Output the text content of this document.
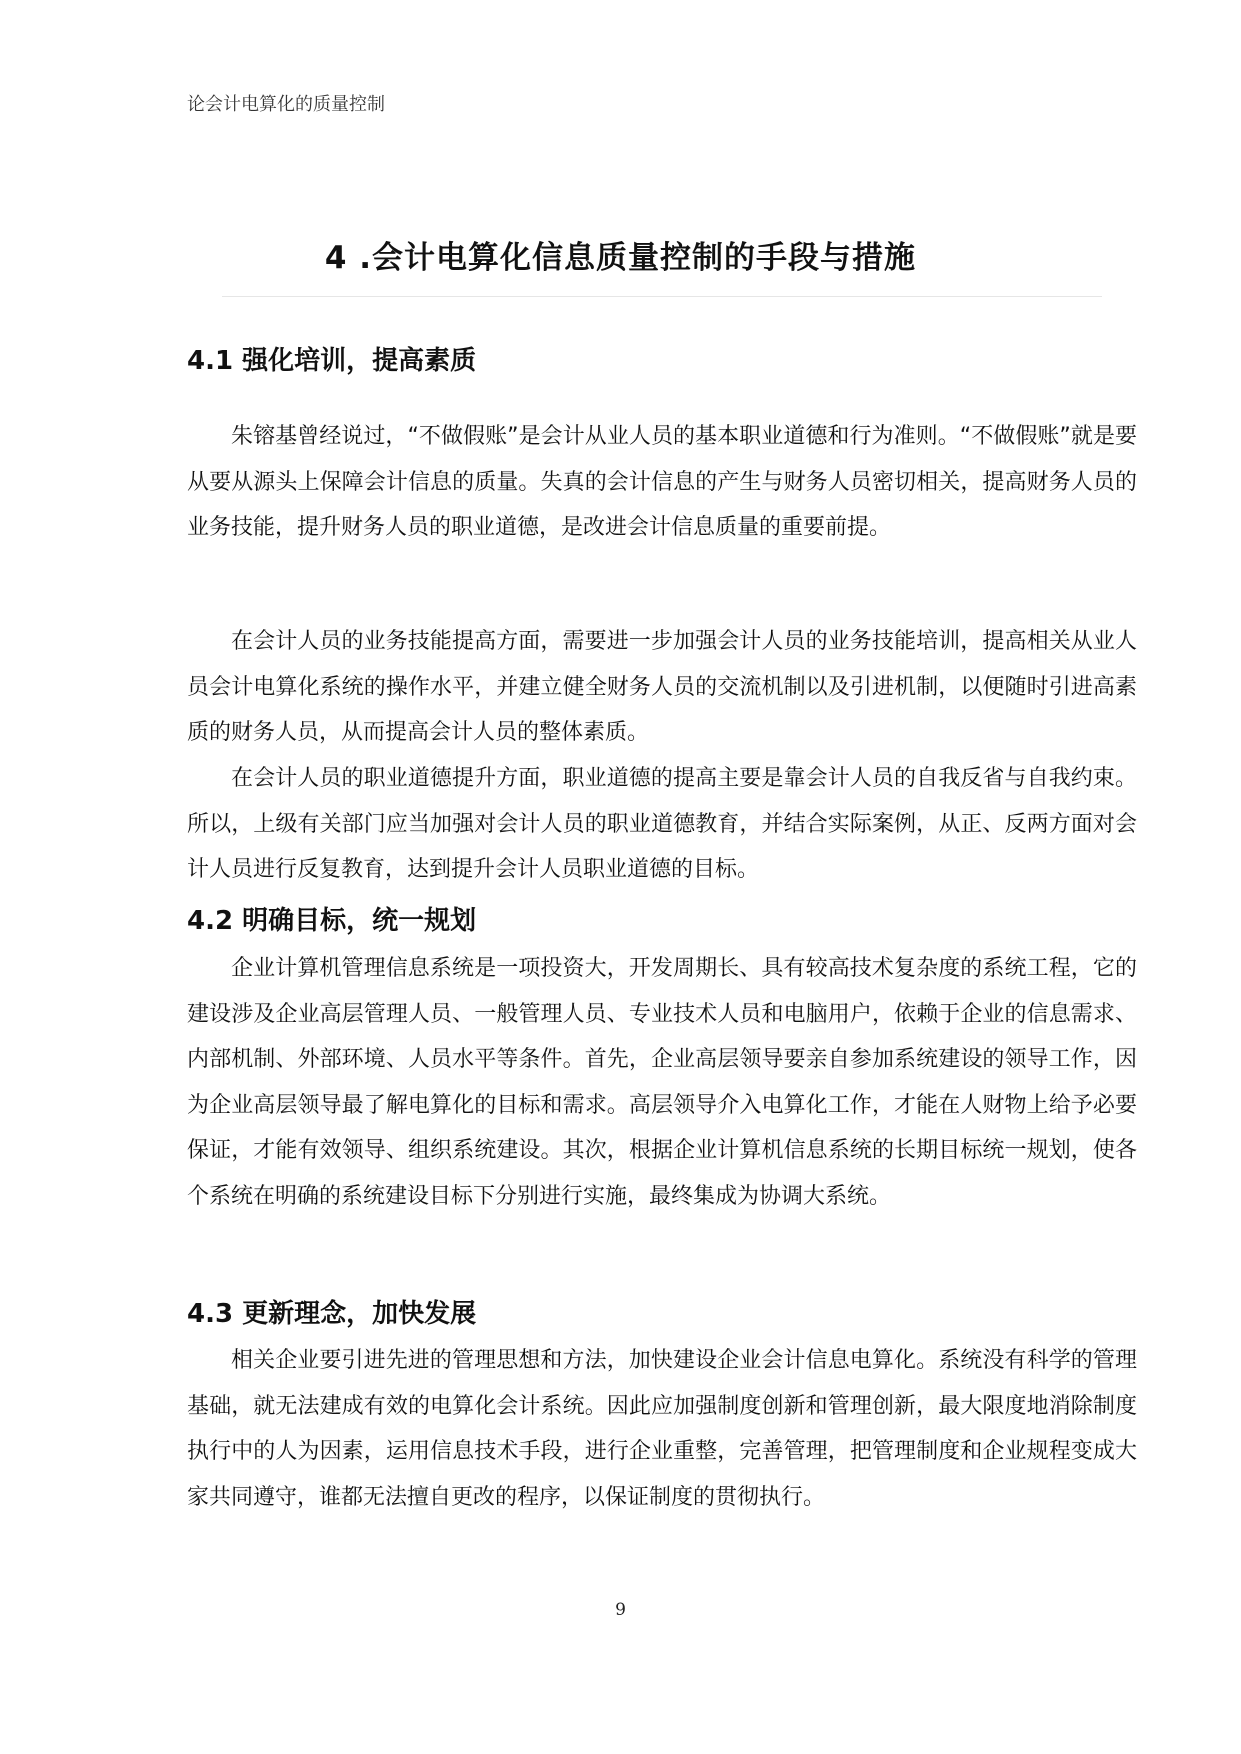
论会计电算化的质量控制
4 .会计电算化信息质量控制的手段与措施
4.1 强化培训，提高素质

朱镕基曾经说过，“不做假账”是会计从业人员的基本职业道德和行为准则。“不做假账”就是要从要从源头上保障会计信息的质量。失真的会计信息的产生与财务人员密切相关，提高财务人员的业务技能，提升财务人员的职业道德，是改进会计信息质量的重要前提。

在会计人员的业务技能提高方面，需要进一步加强会计人员的业务技能培训，提高相关从业人员会计电算化系统的操作水平，并建立健全财务人员的交流机制以及引进机制，以便随时引进高素质的财务人员，从而提高会计人员的整体素质。

在会计人员的职业道德提升方面，职业道德的提高主要是靠会计人员的自我反省与自我约束。所以，上级有关部门应当加强对会计人员的职业道德教育，并结合实际案例，从正、反两方面对会计人员进行反复教育，达到提升会计人员职业道德的目标。

4.2 明确目标，统一规划

企业计算机管理信息系统是一项投资大，开发周期长、具有较高技术复杂度的系统工程，它的建设涉及企业高层管理人员、一般管理人员、专业技术人员和电脑用户，依赖于企业的信息需求、内部机制、外部环境、人员水平等条件。首先，企业高层领导要亲自参加系统建设的领导工作，因为企业高层领导最了解电算化的目标和需求。高层领导介入电算化工作，才能在人财物上给予必要保证，才能有效领导、组织系统建设。其次，根据企业计算机信息系统的长期目标统一规划，使各个系统在明确的系统建设目标下分别进行实施，最终集成为协调大系统。

4.3 更新理念，加快发展

相关企业要引进先进的管理思想和方法，加快建设企业会计信息电算化。系统没有科学的管理基础，就无法建成有效的电算化会计系统。因此应加强制度创新和管理创新，最大限度地消除制度执行中的人为因素，运用信息技术手段，进行企业重整，完善管理，把管理制度和企业规程变成大家共同遵守，谁都无法擅自更改的程序，以保证制度的贯彻执行。

9
